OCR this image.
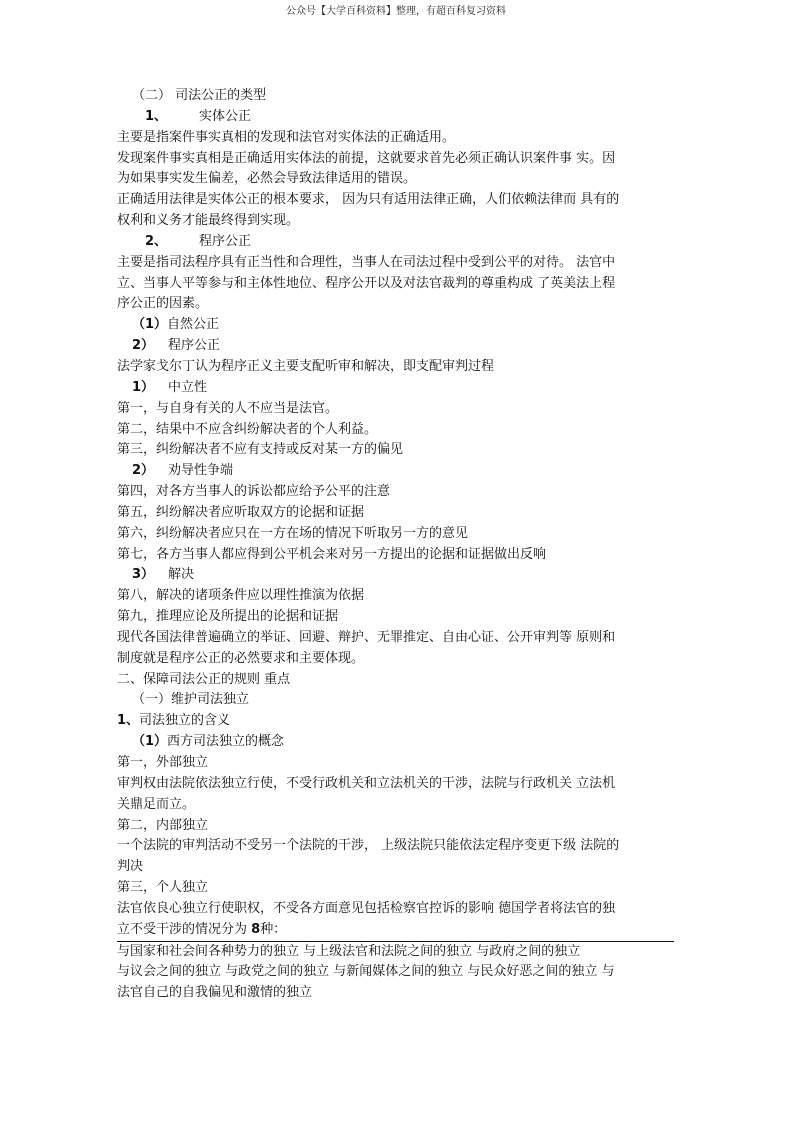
公众号【大学百科资料】整理，有超百科复习资料

（二） 司法公正的类型

1、 实体公正

主要是指案件事实真相的发现和法官对实体法的正确适用。

发现案件事实真相是正确适用实体法的前提，这就要求首先必须正确认识案件事 实。因

为如果事实发生偏差，必然会导致法律适用的错误。

正确适用法律是实体公正的根本要求， 因为只有适用法律正确，人们依赖法律而 具有的

权利和义务才能最终得到实现。

2、 程序公正

主要是指司法程序具有正当性和合理性，当事人在司法过程中受到公平的对待。 法官中

立、当事人平等参与和主体性地位、程序公开以及对法官裁判的尊重构成 了英美法上程

序公正的因素。

（1）自然公正

2） 程序公正

法学家戈尔丁认为程序正义主要支配听审和解决，即支配审判过程

1） 中立性

第一，与自身有关的人不应当是法官。

第二，结果中不应含纠纷解决者的个人利益。

第三，纠纷解决者不应有支持或反对某一方的偏见

2） 劝导性争端

第四，对各方当事人的诉讼都应给予公平的注意

第五，纠纷解决者应听取双方的论据和证据

第六，纠纷解决者应只在一方在场的情况下听取另一方的意见

第七，各方当事人都应得到公平机会来对另一方提出的论据和证据做出反响

3） 解决

第八，解决的诸项条件应以理性推演为依据

第九，推理应论及所提出的论据和证据

现代各国法律普遍确立的举证、回避、辩护、无罪推定、自由心证、公开审判等 原则和

制度就是程序公正的必然要求和主要体现。

二、保障司法公正的规则 重点

（一）维护司法独立

1、司法独立的含义

（1）西方司法独立的概念

第一，外部独立

审判权由法院依法独立行使，不受行政机关和立法机关的干涉，法院与行政机关 立法机

关鼎足而立。

第二，内部独立

一个法院的审判活动不受另一个法院的干涉， 上级法院只能依法定程序变更下级 法院的

判决

第三，个人独立

法官依良心独立行使职权，不受各方面意见包括检察官控诉的影响 德国学者将法官的独

立不受干涉的情况分为 8种：

与国家和社会间各种势力的独立 与上级法官和法院之间的独立 与政府之间的独立

与议会之间的独立 与政党之间的独立 与新闻媒体之间的独立 与民众好恶之间的独立 与

法官自己的自我偏见和激情的独立
